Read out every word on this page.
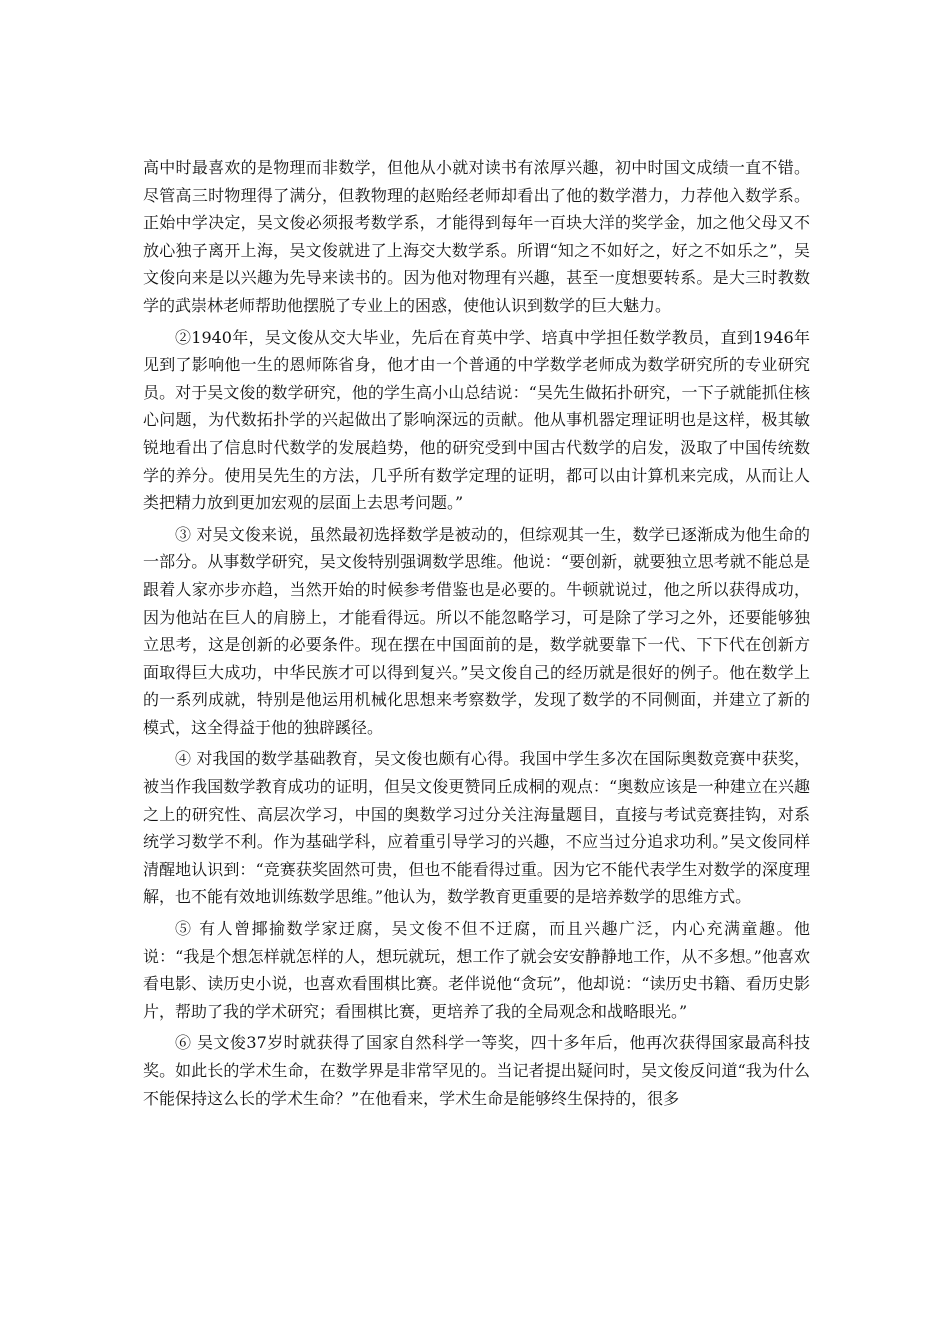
高中时最喜欢的是物理而非数学，但他从小就对读书有浓厚兴趣，初中时国文成绩一直不错。尽管高三时物理得了满分，但教物理的赵贻经老师却看出了他的数学潜力，力荐他入数学系。正始中学决定，吴文俊必须报考数学系，才能得到每年一百块大洋的奖学金，加之他父母又不放心独子离开上海，吴文俊就进了上海交大数学系。所谓“知之不如好之，好之不如乐之”，吴文俊向来是以兴趣为先导来读书的。因为他对物理有兴趣，甚至一度想要转系。是大三时教数学的武崇林老师帮助他摆脱了专业上的困惑，使他认识到数学的巨大魅力。

②1940年，吴文俊从交大毕业，先后在育英中学、培真中学担任数学教员，直到1946年见到了影响他一生的恩师陈省身，他才由一个普通的中学数学老师成为数学研究所的专业研究员。对于吴文俊的数学研究，他的学生高小山总结说：“吴先生做拓扑研究，一下子就能抓住核心问题，为代数拓扑学的兴起做出了影响深远的贡献。他从事机器定理证明也是这样，极其敏锐地看出了信息时代数学的发展趋势，他的研究受到中国古代数学的启发，汲取了中国传统数学的养分。使用吴先生的方法，几乎所有数学定理的证明，都可以由计算机来完成，从而让人类把精力放到更加宏观的层面上去思考问题。”

③ 对吴文俊来说，虽然最初选择数学是被动的，但综观其一生，数学已逐渐成为他生命的一部分。从事数学研究，吴文俊特别强调数学思维。他说：“要创新，就要独立思考就不能总是跟着人家亦步亦趋，当然开始的时候参考借鉴也是必要的。牛顿就说过，他之所以获得成功，因为他站在巨人的肩膀上，才能看得远。所以不能忽略学习，可是除了学习之外，还要能够独立思考，这是创新的必要条件。现在摆在中国面前的是，数学就要靠下一代、下下代在创新方面取得巨大成功，中华民族才可以得到复兴。”吴文俊自己的经历就是很好的例子。他在数学上的一系列成就，特别是他运用机械化思想来考察数学，发现了数学的不同侧面，并建立了新的模式，这全得益于他的独辟蹊径。

④ 对我国的数学基础教育，吴文俊也颇有心得。我国中学生多次在国际奥数竞赛中获奖，被当作我国数学教育成功的证明，但吴文俊更赞同丘成桐的观点：“奥数应该是一种建立在兴趣之上的研究性、高层次学习，中国的奥数学习过分关注海量题目，直接与考试竞赛挂钩，对系统学习数学不利。作为基础学科，应着重引导学习的兴趣，不应当过分追求功利。”吴文俊同样清醒地认识到：“竞赛获奖固然可贵，但也不能看得过重。因为它不能代表学生对数学的深度理解，也不能有效地训练数学思维。”他认为，数学教育更重要的是培养数学的思维方式。

⑤ 有人曾揶揄数学家迂腐，吴文俊不但不迂腐，而且兴趣广泛，内心充满童趣。他说：“我是个想怎样就怎样的人，想玩就玩，想工作了就会安安静静地工作，从不多想。”他喜欢看电影、读历史小说，也喜欢看围棋比赛。老伴说他“贪玩”，他却说：“读历史书籍、看历史影片，帮助了我的学术研究；看围棋比赛，更培养了我的全局观念和战略眼光。”

⑥ 吴文俊37岁时就获得了国家自然科学一等奖，四十多年后，他再次获得国家最高科技奖。如此长的学术生命，在数学界是非常罕见的。当记者提出疑问时，吴文俊反问道“我为什么不能保持这么长的学术生命？”在他看来，学术生命是能够终生保持的，很多
